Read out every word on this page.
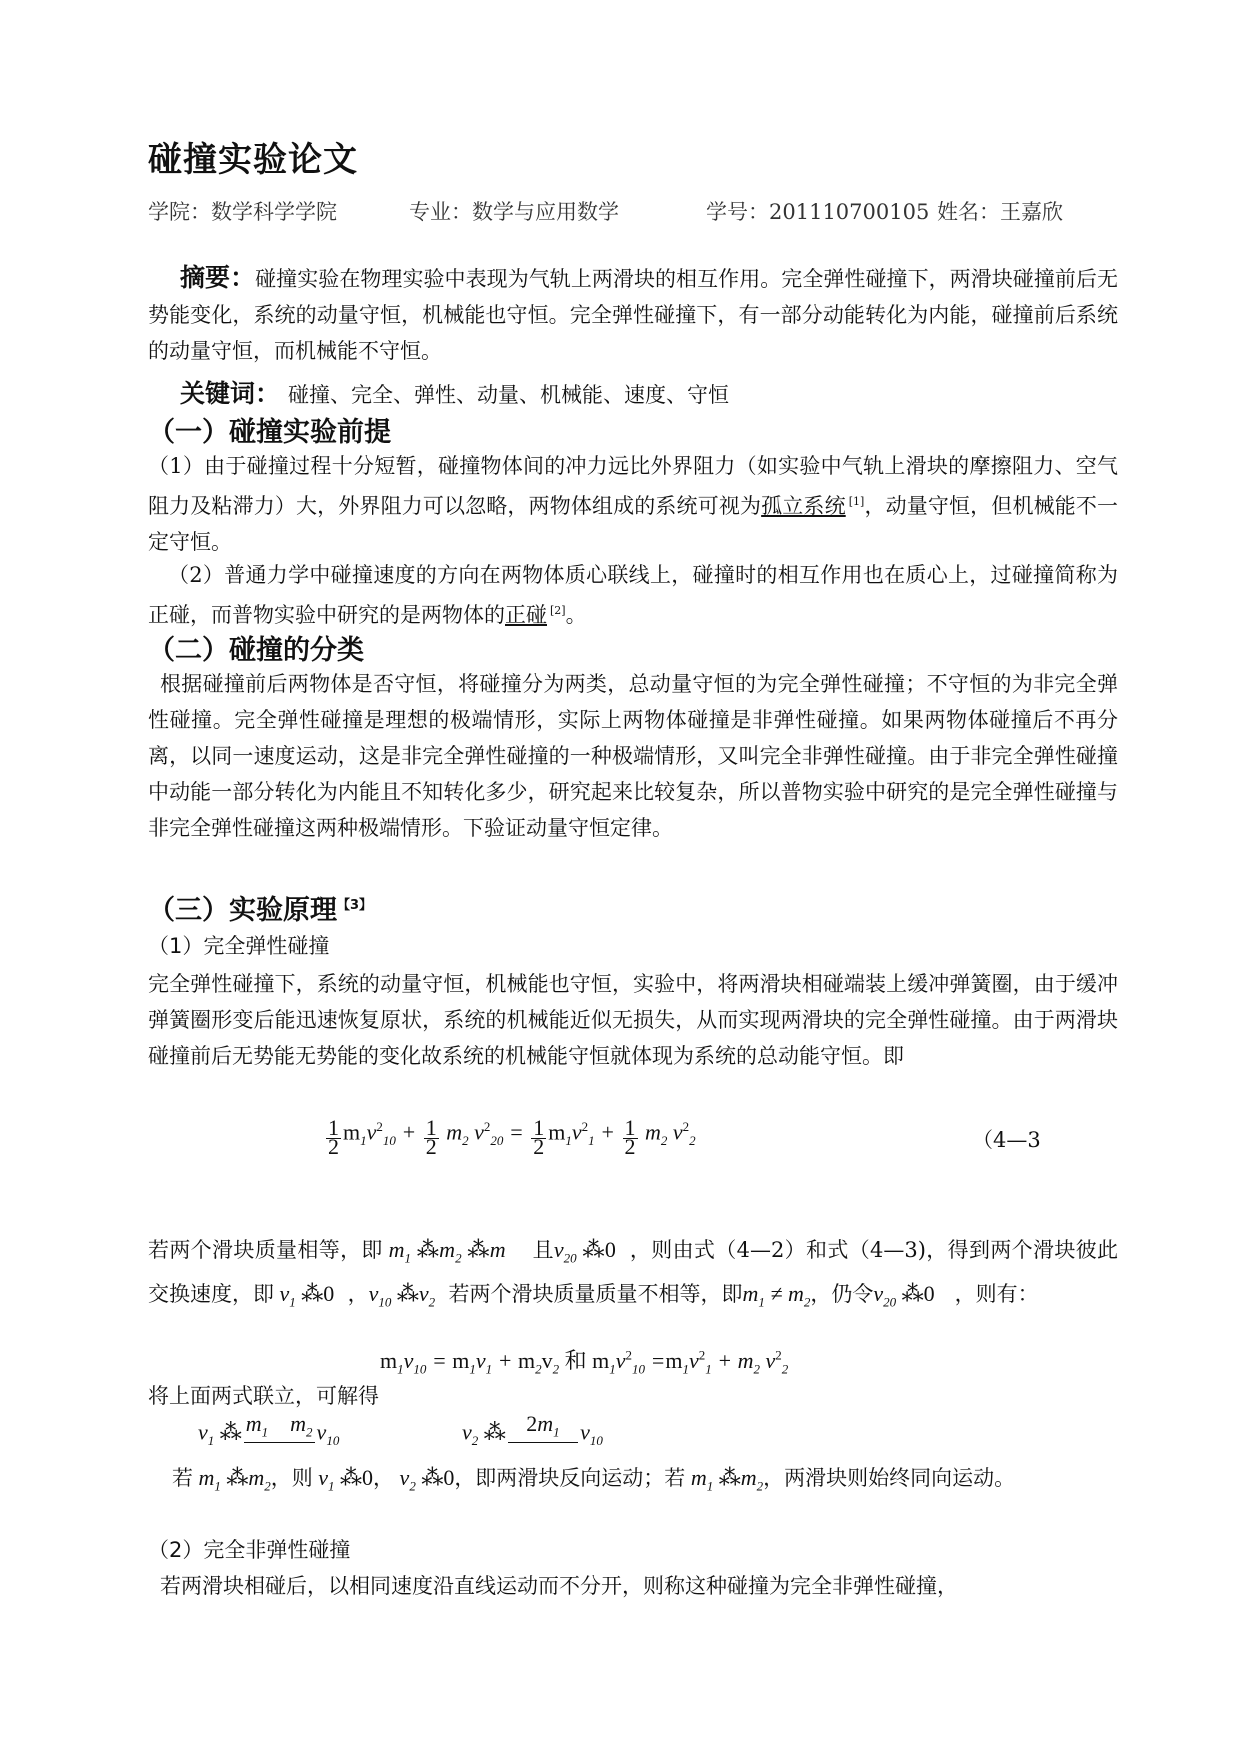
碰撞实验论文
学院：数学科学学院	专业：数学与应用数学	学号：201110700105 姓名：王嘉欣
摘要：碰撞实验在物理实验中表现为气轨上两滑块的相互作用。完全弹性碰撞下，两滑块碰撞前后无势能变化，系统的动量守恒，机械能也守恒。完全弹性碰撞下，有一部分动能转化为内能，碰撞前后系统的动量守恒，而机械能不守恒。
关键词： 碰撞、完全、弹性、动量、机械能、速度、守恒
（一）碰撞实验前提
（1）由于碰撞过程十分短暂，碰撞物体间的冲力远比外界阻力（如实验中气轨上滑块的摩擦阻力、空气阻力及粘滞力）大，外界阻力可以忽略，两物体组成的系统可视为孤立系统 [1]，动量守恒，但机械能不一定守恒。
（2）普通力学中碰撞速度的方向在两物体质心联线上，碰撞时的相互作用也在质心上，过碰撞简称为正碰，而普物实验中研究的是两物体的正碰 [2]。
（二）碰撞的分类
根据碰撞前后两物体是否守恒，将碰撞分为两类，总动量守恒的为完全弹性碰撞；不守恒的为非完全弹性碰撞。完全弹性碰撞是理想的极端情形，实际上两物体碰撞是非弹性碰撞。如果两物体碰撞后不再分离，以同一速度运动，这是非完全弹性碰撞的一种极端情形，又叫完全非弹性碰撞。由于非完全弹性碰撞中动能一部分转化为内能且不知转化多少，研究起来比较复杂，所以普物实验中研究的是完全弹性碰撞与非完全弹性碰撞这两种极端情形。下验证动量守恒定律。
（三）实验原理$^{【3】}$
（1）完全弹性碰撞
完全弹性碰撞下，系统的动量守恒，机械能也守恒，实验中，将两滑块相碰端装上缓冲弹簧圈，由于缓冲弹簧圈形变后能迅速恢复原状，系统的机械能近似无损失，从而实现两滑块的完全弹性碰撞。由于两滑块碰撞前后无势能无势能的变化故系统的机械能守恒就体现为系统的总动能守恒。即
$\frac{1}{2} m_1v^2_{10} + \frac{1}{2} m_2$ $v^2_{20} = \frac{1}{2} m_1v^2_1 + \frac{1}{2} m_2$ $v^2_2$	（4—3
若两个滑块质量相等，即 $m_1$ $⁂m_2$ ⁂m    且$v_{20}$ ⁂0 ，则由式（4—2）和式（4—3)，得到两个滑块彼此交换速度，即 $v_1$ ⁂0  ，$v_{10}$ $⁂v_2$ 若两个滑块质量质量不相等，即$m_1 \ne m_2$，仍令$v_{20}$ ⁂0 ，则有：
$m_1v_{10} = m_1v_1 + m_2v_2$ 和 $m_1v^2_{10} =m_1v^2_1 + m_2$ $v^2_2$
将上面两式联立，可解得
$v_1$ ⁂ $m_1$    $m_2$ $v_{10}$	$v_2$ ⁂ $2m_1$ $v_{10}$
若 $m_1$ $⁂m_2$，则 $v_1$ ⁂0， $v_2$ ⁂0，即两滑块反向运动；若 $m_1$ $⁂m_2$，两滑块则始终同向运动。
（2）完全非弹性碰撞
若两滑块相碰后，以相同速度沿直线运动而不分开，则称这种碰撞为完全非弹性碰撞，
